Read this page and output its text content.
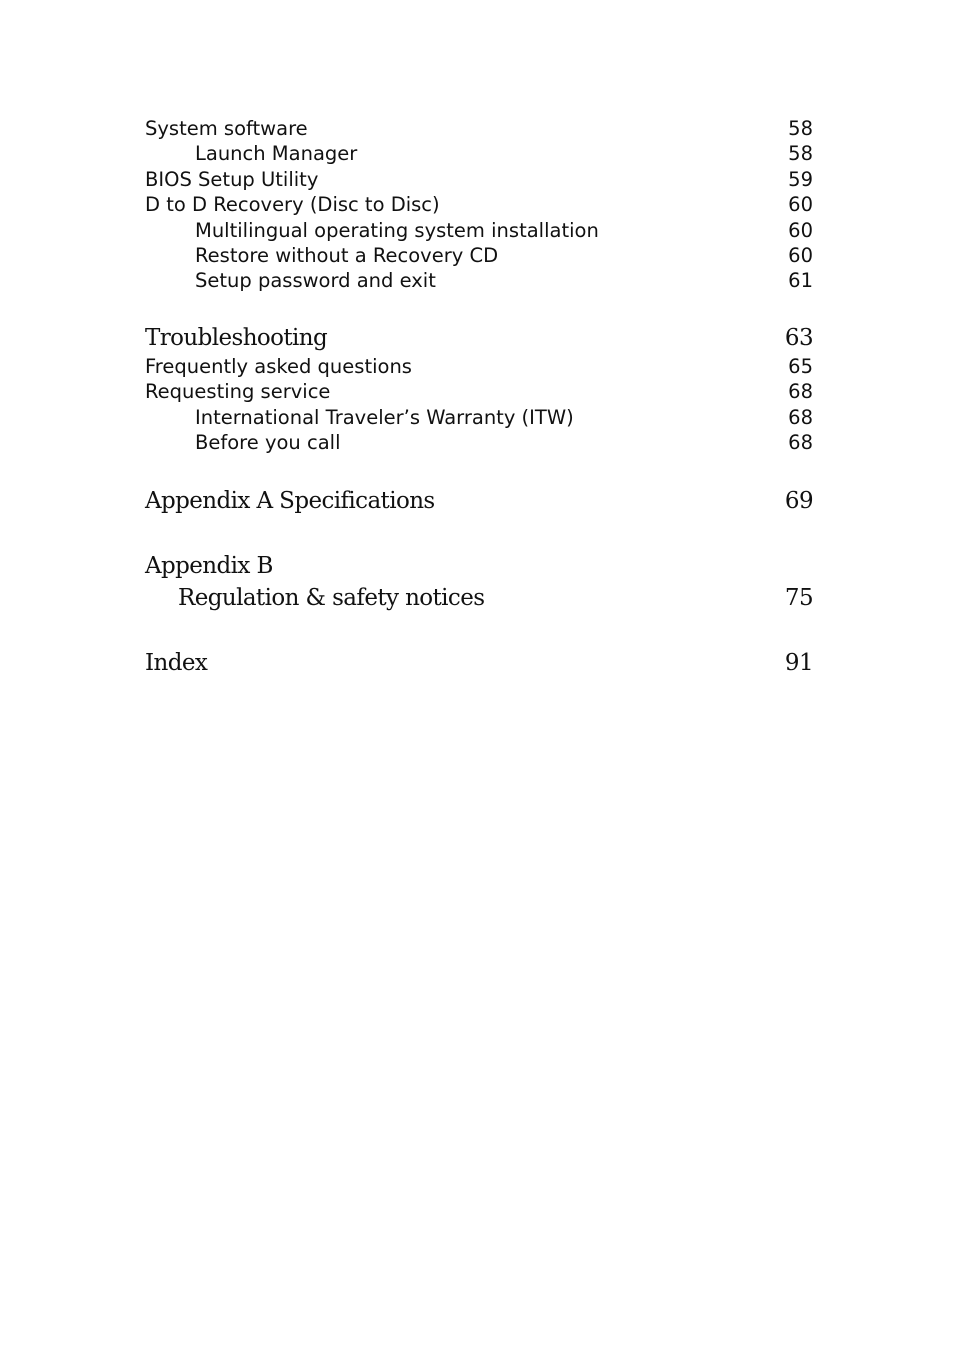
System software	58
Launch Manager	58
BIOS Setup Utility	59
D to D Recovery (Disc to Disc)	60
Multilingual operating system installation	60
Restore without a Recovery CD	60
Setup password and exit	61
Troubleshooting	63
Frequently asked questions	65
Requesting service	68
International Traveler’s Warranty (ITW)	68
Before you call	68
Appendix A Specifications	69
Appendix B
Regulation & safety notices	75
Index	91
